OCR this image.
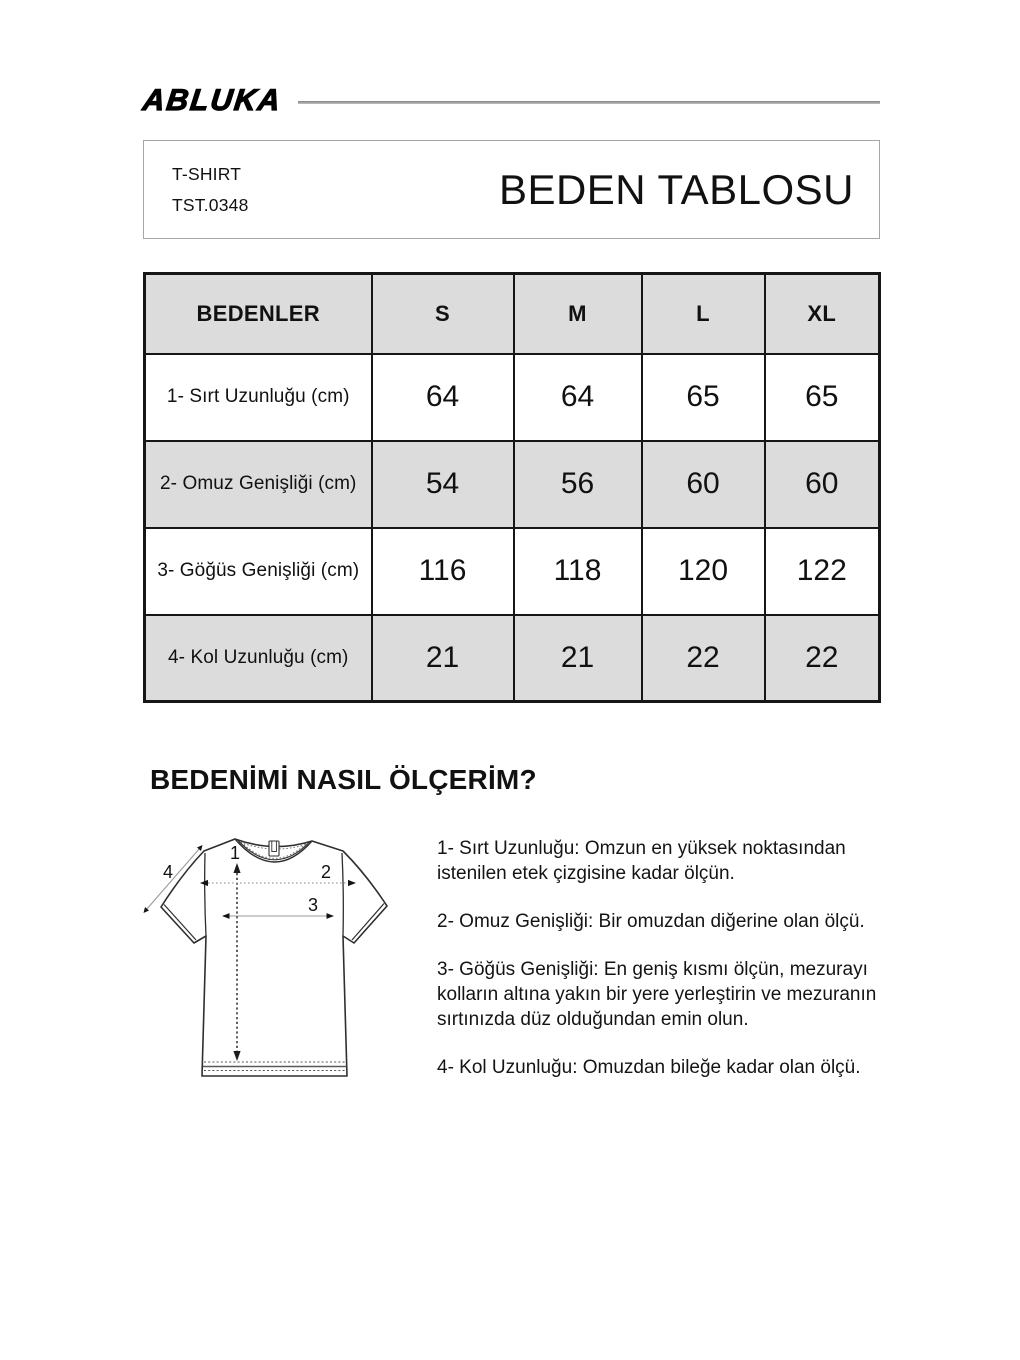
ABLUKA
T-SHIRT
TST.0348	BEDEN TABLOSU
BEDENLER	S	M	L	XL
1- Sırt Uzunluğu (cm)	64	64	65	65
2- Omuz Genişliği (cm)	54	56	60	60
3- Göğüs Genişliği (cm)	116	118	120	122
4- Kol Uzunluğu (cm)	21	21	22	22
BEDENİMİ NASIL ÖLÇERİM?
1
2
3
4

1- Sırt Uzunluğu: Omzun en yüksek noktasından istenilen etek çizgisine kadar ölçün.

2- Omuz Genişliği: Bir omuzdan diğerine olan ölçü.

3- Göğüs Genişliği: En geniş kısmı ölçün, mezurayı kolların altına yakın bir yere yerleştirin ve mezuranın sırtınızda düz olduğundan emin olun.

4- Kol Uzunluğu: Omuzdan bileğe kadar olan ölçü.
